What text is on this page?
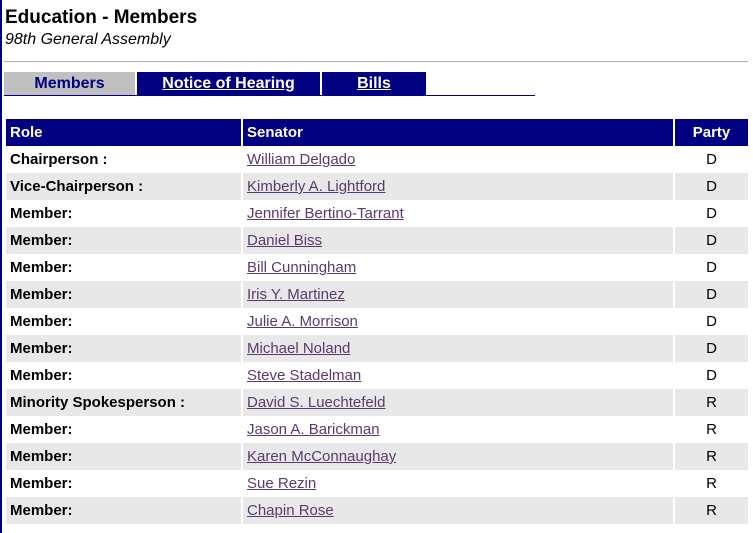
Education - Members
98th General Assembly
Members	Notice of Hearing	Bills
Role	Senator	Party
Chairperson :	William Delgado	D
Vice-Chairperson :	Kimberly A. Lightford	D
Member:	Jennifer Bertino-Tarrant	D
Member:	Daniel Biss	D
Member:	Bill Cunningham	D
Member:	Iris Y. Martinez	D
Member:	Julie A. Morrison	D
Member:	Michael Noland	D
Member:	Steve Stadelman	D
Minority Spokesperson :	David S. Luechtefeld	R
Member:	Jason A. Barickman	R
Member:	Karen McConnaughay	R
Member:	Sue Rezin	R
Member:	Chapin Rose	R
